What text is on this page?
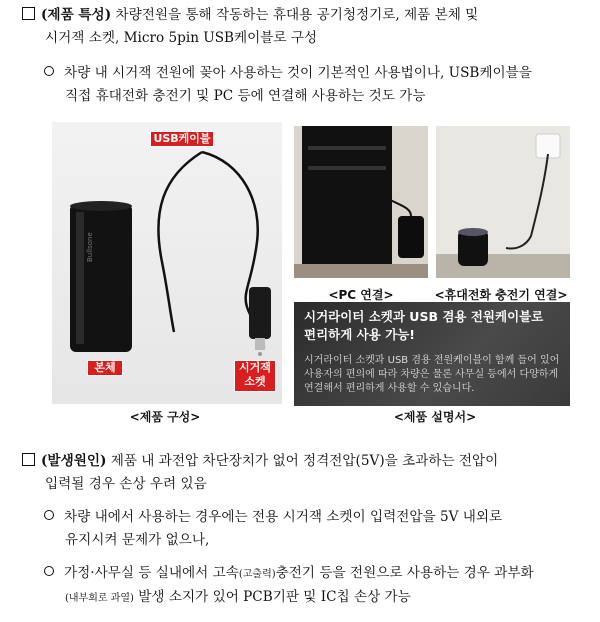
(제품 특성) 차량전원을 통해 작동하는 휴대용 공기청정기로, 제품 본체 및
시거잭 소켓, Micro 5pin USB케이블로 구성
차량 내 시거잭 전원에 꽂아 사용하는 것이 기본적인 사용법이나, USB케이블을
직접 휴대전화 충전기 및 PC 등에 연결해 사용하는 것도 가능
Bullsone
USB케이블
본체	시거잭
소켓
<제품 구성>
<PC 연결>	<휴대전화 충전기 연결>
시거라이터 소켓과 USB 겸용 전원케이블로
편리하게 사용 가능!
시거라이터 소켓과 USB 겸용 전원케이블이 함께 들어 있어
사용자의 편의에 따라 차량은 물론 사무실 등에서 다양하게
연결해서 편리하게 사용할 수 있습니다.
<제품 설명서>
(발생원인) 제품 내 과전압 차단장치가 없어 정격전압(5V)을 초과하는 전압이
입력될 경우 손상 우려 있음
차량 내에서 사용하는 경우에는 전용 시거잭 소켓이 입력전압을 5V 내외로
유지시켜 문제가 없으나,
가정·사무실 등 실내에서 고속(고출력)충전기 등을 전원으로 사용하는 경우 과부화
(내부회로 과열) 발생 소지가 있어 PCB기판 및 IC칩 손상 가능
